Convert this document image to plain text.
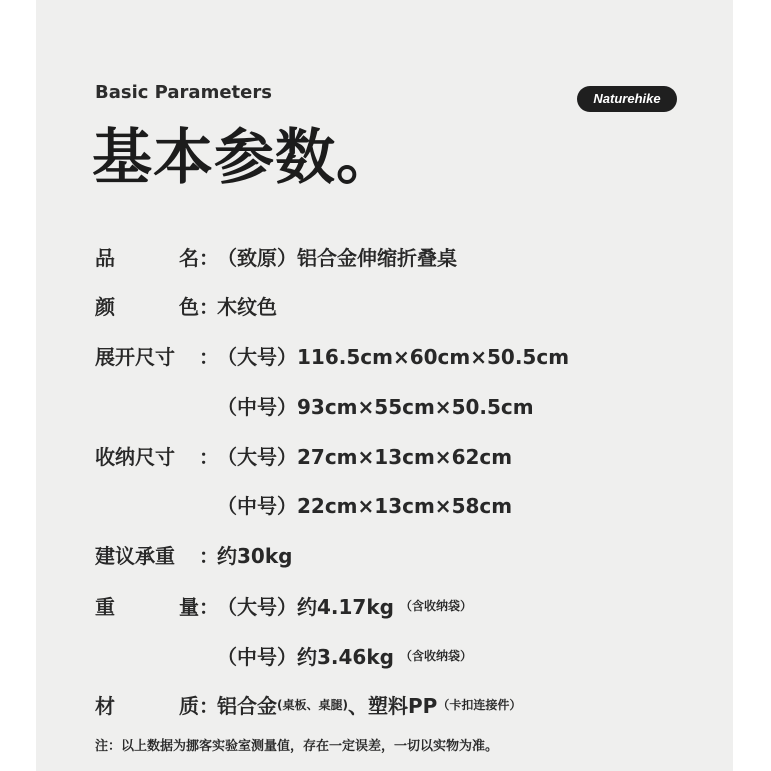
Basic Parameters	Naturehike
基本参数。
品	名 ：
（致原）铝合金伸缩折叠桌
颜	色 ：
木纹色
展开尺寸	：
（大号）116.5cm×60cm×50.5cm
（中号）93cm×55cm×50.5cm
收纳尺寸	：
（大号）27cm×13cm×62cm
（中号）22cm×13cm×58cm
建议承重	：
约30kg
重	量 ：
（大号）约4.17kg （含收纳袋）
（中号）约3.46kg （含收纳袋）
材	质 ：
铝合金 (桌板、桌腿) 、 塑料PP （卡扣连接件）
注：以上数据为挪客实验室测量值，存在一定误差，一切以实物为准。
